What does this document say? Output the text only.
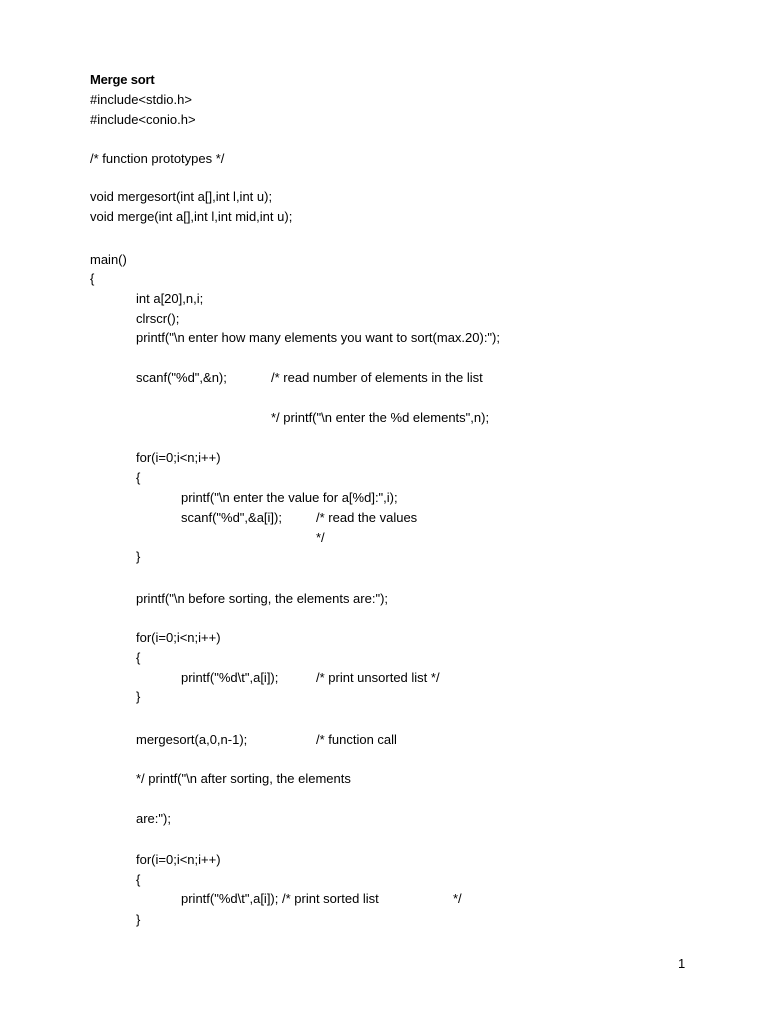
Merge sort
#include<stdio.h>
#include<conio.h>
/* function prototypes */
void mergesort(int a[],int l,int u);
void merge(int a[],int l,int mid,int u);
main()
{
int a[20],n,i;
clrscr();
printf("\n enter how many elements you want to sort(max.20):");
scanf("%d",&n);	/* read number of elements in the list
*/ printf("\n enter the %d elements",n);
for(i=0;i<n;i++)
{
printf("\n enter the value for a[%d]:",i);
scanf("%d",&a[i]);	/* read the values
*/
}
printf("\n before sorting, the elements are:");
for(i=0;i<n;i++)
{
printf("%d\t",a[i]);	/* print unsorted list */
}
mergesort(a,0,n-1);	/* function call
*/ printf("\n after sorting, the elements
are:");
for(i=0;i<n;i++)
{
printf("%d\t",a[i]); /* print sorted list	*/
}
1
